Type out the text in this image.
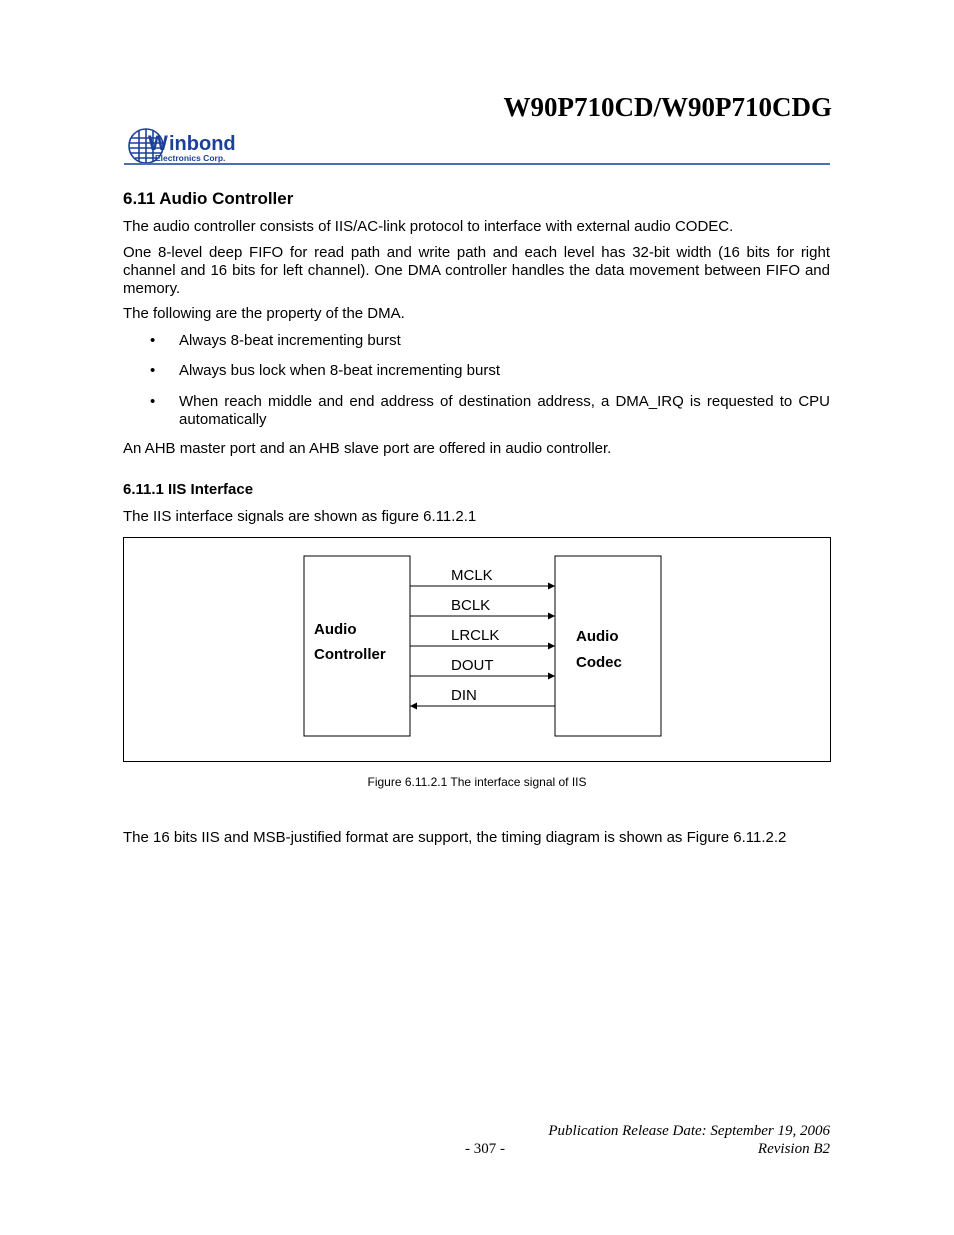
W90P710CD/W90P710CDG
W inbond
Electronics Corp.
6.11 Audio Controller
The audio controller consists of IIS/AC-link protocol to interface with external audio CODEC.
One 8-level deep FIFO for read path and write path and each level has 32-bit width (16 bits for right channel and 16 bits for left channel). One DMA controller handles the data movement between FIFO and memory.
The following are the property of the DMA.
• Always 8-beat incrementing burst
• Always bus lock when 8-beat incrementing burst
• When reach middle and end address of destination address, a DMA_IRQ is requested to CPU automatically
An AHB master port and an AHB slave port are offered in audio controller.
6.11.1 IIS Interface
The IIS interface signals are shown as figure 6.11.2.1
Audio
Controller
Audio
Codec
MCLK
BCLK
LRCLK
DOUT
DIN
Figure 6.11.2.1 The interface signal of IIS
The 16 bits IIS and MSB-justified format are support, the timing diagram is shown as Figure 6.11.2.2
Publication Release Date: September 19, 2006
- 307 -	Revision B2
